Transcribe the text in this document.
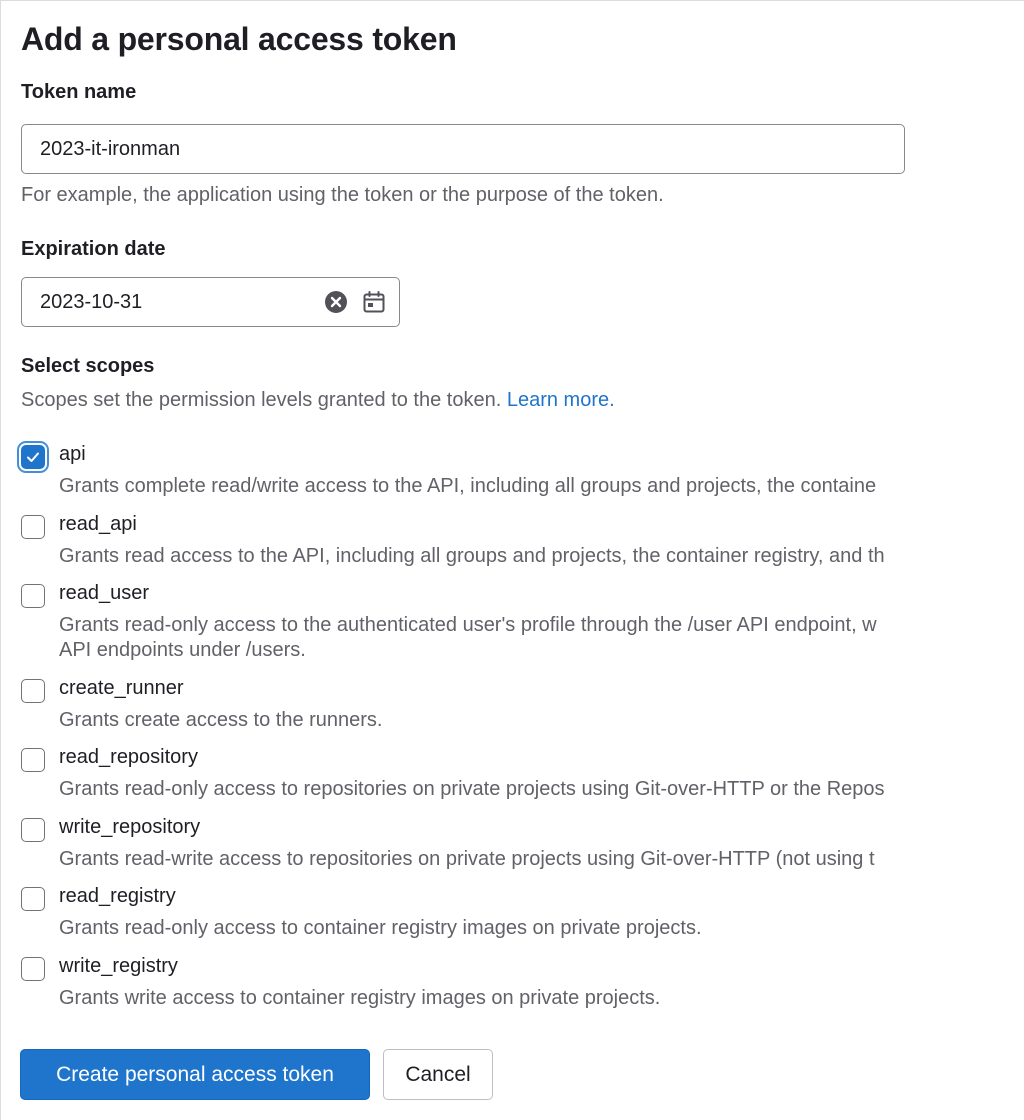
Add a personal access token
Token name
2023-it-ironman
For example, the application using the token or the purpose of the token.
Expiration date
2023-10-31
Select scopes
Scopes set the permission levels granted to the token. Learn more.
api
Grants complete read/write access to the API, including all groups and projects, the containe
read_api
Grants read access to the API, including all groups and projects, the container registry, and th
read_user
Grants read-only access to the authenticated user's profile through the /user API endpoint, w
API endpoints under /users.
create_runner
Grants create access to the runners.
read_repository
Grants read-only access to repositories on private projects using Git-over-HTTP or the Repos
write_repository
Grants read-write access to repositories on private projects using Git-over-HTTP (not using t
read_registry
Grants read-only access to container registry images on private projects.
write_registry
Grants write access to container registry images on private projects.
Create personal access token	Cancel
